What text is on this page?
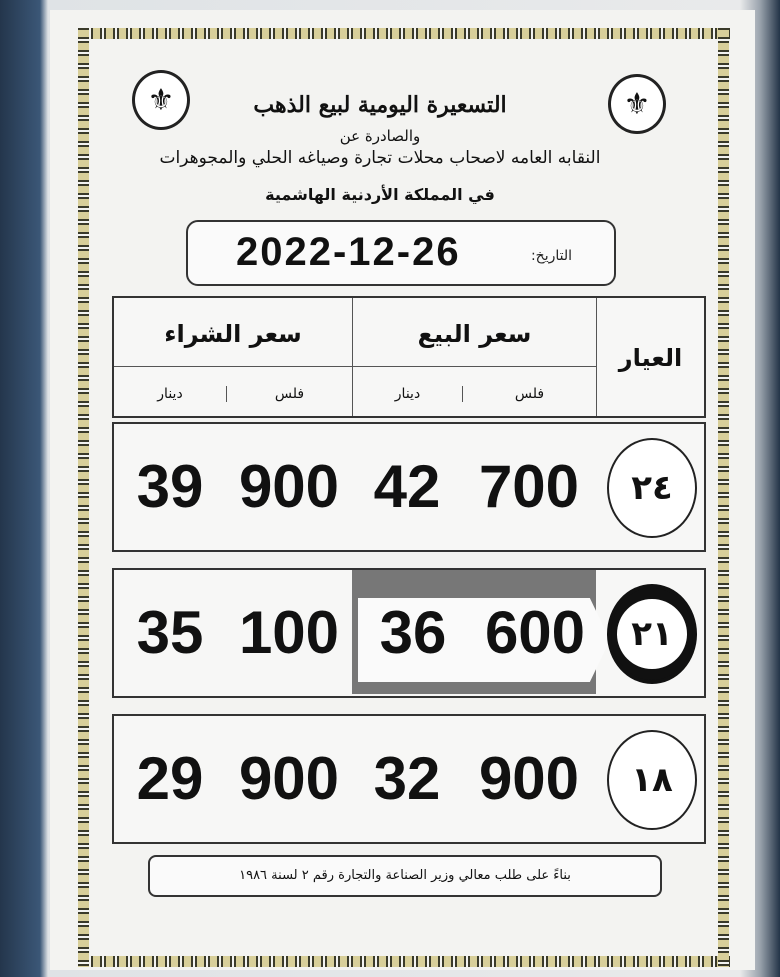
⚜	⚜
التسعيرة اليومية لبيع الذهب
والصادرة عن
النقابه العامه لاصحاب محلات تجارة وصياغه الحلي والمجوهرات
في المملكة الأردنية الهاشمية
2022-12-26	التاريخ:
سعر الشراء	سعر البيع
العيار
دينار	فلس	دينار	فلس
39 900 42 700	٢٤
35 100 36 600	٢١
29 900 32 900	١٨
بناءً على طلب معالي وزير الصناعة والتجارة رقم ٢ لسنة ١٩٨٦
